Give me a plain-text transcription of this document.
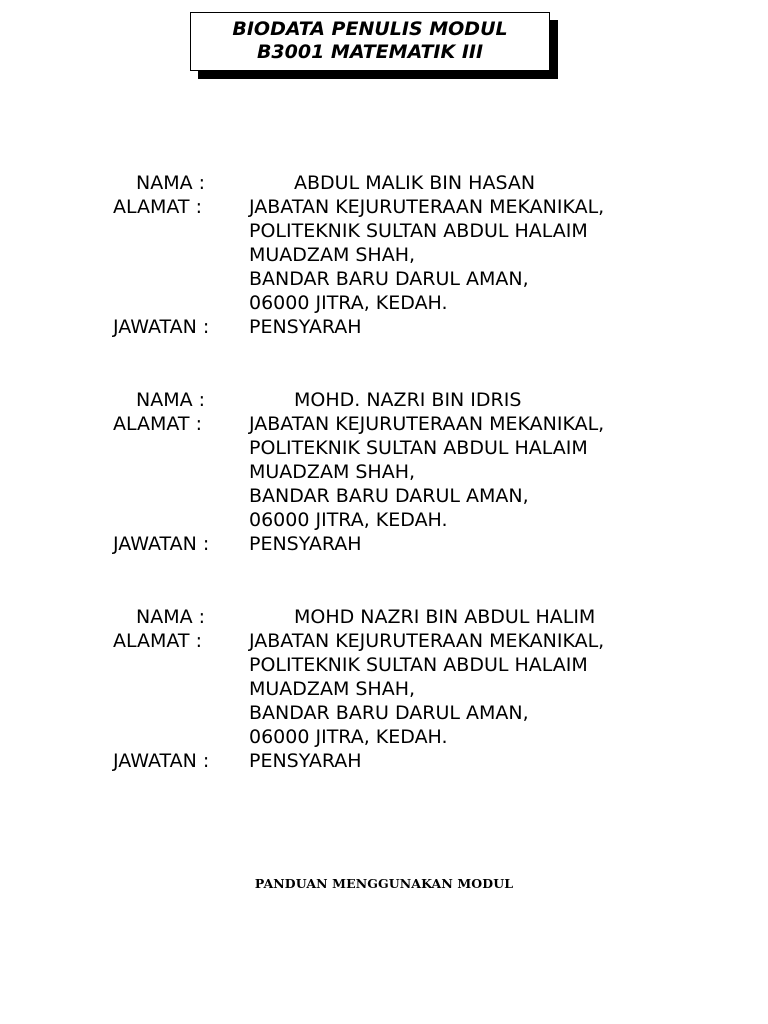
BIODATA PENULIS MODUL
B3001 MATEMATIK III
NAMA :	ABDUL MALIK BIN HASAN
ALAMAT : JABATAN KEJURUTERAAN MEKANIKAL,
POLITEKNIK SULTAN ABDUL HALAIM
MUADZAM SHAH,
BANDAR BARU DARUL AMAN,
06000 JITRA, KEDAH.
JAWATAN : PENSYARAH
NAMA :	MOHD. NAZRI BIN IDRIS
ALAMAT : JABATAN KEJURUTERAAN MEKANIKAL,
POLITEKNIK SULTAN ABDUL HALAIM
MUADZAM SHAH,
BANDAR BARU DARUL AMAN,
06000 JITRA, KEDAH.
JAWATAN : PENSYARAH
NAMA :	MOHD NAZRI BIN ABDUL HALIM
ALAMAT : JABATAN KEJURUTERAAN MEKANIKAL,
POLITEKNIK SULTAN ABDUL HALAIM
MUADZAM SHAH,
BANDAR BARU DARUL AMAN,
06000 JITRA, KEDAH.
JAWATAN : PENSYARAH
PANDUAN MENGGUNAKAN MODUL
